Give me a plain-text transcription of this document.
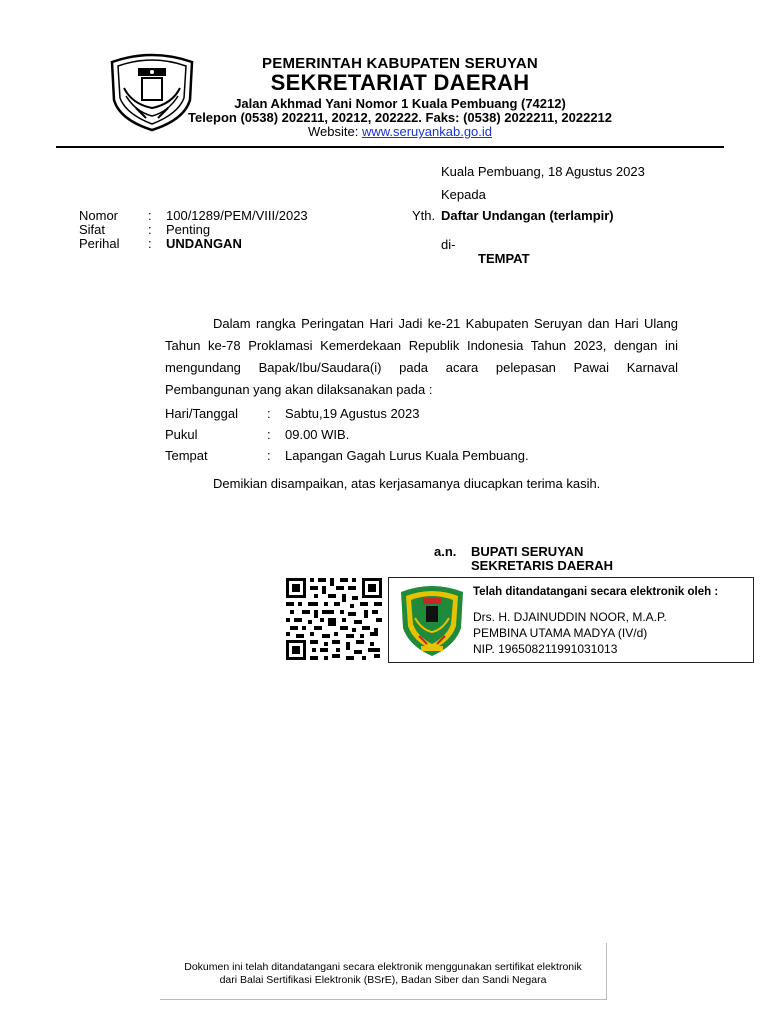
PEMERINTAH KABUPATEN SERUYAN
SEKRETARIAT DAERAH
Jalan Akhmad Yani Nomor 1 Kuala Pembuang (74212)
Telepon (0538) 202211, 20212, 202222. Faks: (0538) 2022211, 2022212
Website: www.seruyankab.go.id
Kuala Pembuang, 18 Agustus 2023
Kepada
Yth. Daftar Undangan (terlampir)
di-
TEMPAT
Nomor : 100/1289/PEM/VIII/2023
Sifat	: Penting
Perihal : UNDANGAN
Dalam rangka Peringatan Hari Jadi ke-21 Kabupaten Seruyan dan Hari Ulang Tahun ke-78 Proklamasi Kemerdekaan Republik Indonesia Tahun 2023, dengan ini mengundang Bapak/Ibu/Saudara(i) pada acara pelepasan Pawai Karnaval Pembangunan yang akan dilaksanakan pada :
Hari/Tanggal : Sabtu,19 Agustus 2023
Pukul	: 09.00 WIB.
Tempat	: Lapangan Gagah Lurus Kuala Pembuang.
Demikian disampaikan, atas kerjasamanya diucapkan terima kasih.
a.n. BUPATI SERUYAN
SEKRETARIS DAERAH
Telah ditandatangani secara elektronik oleh :
Drs. H. DJAINUDDIN NOOR, M.A.P.
PEMBINA UTAMA MADYA (IV/d)
NIP. 196508211991031013
Dokumen ini telah ditandatangani secara elektronik menggunakan sertifikat elektronik
dari Balai Sertifikasi Elektronik (BSrE), Badan Siber dan Sandi Negara
